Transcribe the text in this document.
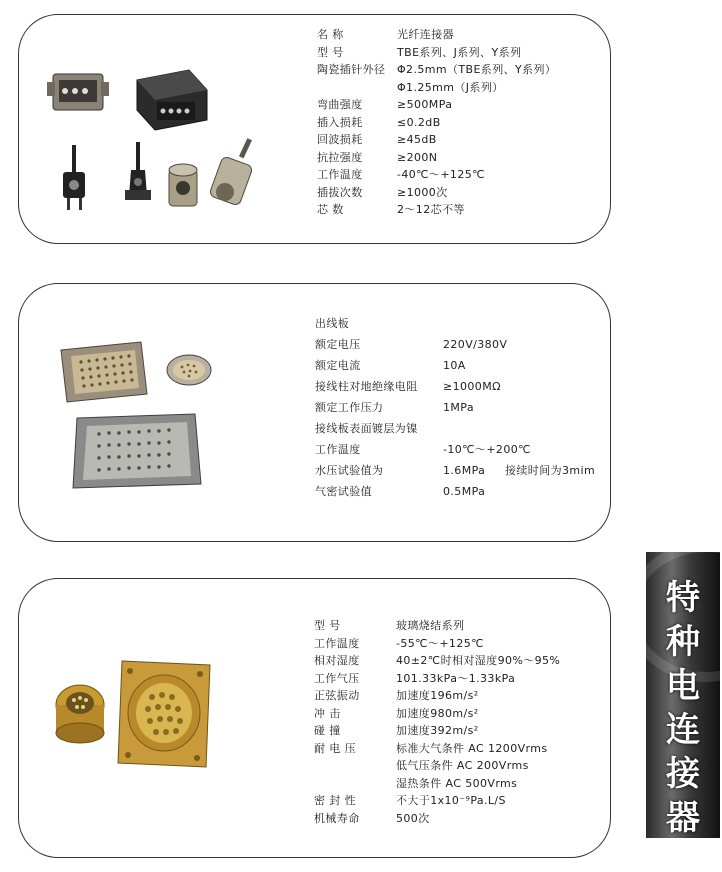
名 称	光纤连接器
型 号	TBE系列、J系列、Y系列
陶瓷插针外径 Φ2.5mm（TBE系列、Y系列）
Φ1.25mm（J系列）
弯曲强度	≥500MPa
插入损耗	≤0.2dB
回波损耗	≥45dB
抗拉强度	≥200N
工作温度	-40℃～+125℃
插拔次数	≥1000次
芯 数	2～12芯不等
出线板
额定电压	220V/380V
额定电流	10A
接线柱对地绝缘电阻 ≥1000MΩ
额定工作压力	1MPa
接线板表面镀层为镍
工作温度	-10℃～+200℃
水压试验值为	1.6MPa 接续时间为3mim
气密试验值	0.5MPa
型 号	玻璃烧结系列
工作温度	-55℃～+125℃
相对湿度	40±2℃时相对湿度90%～95%
工作气压	101.33kPa～1.33kPa
正弦振动	加速度196m/s²
冲 击	加速度980m/s²
碰 撞	加速度392m/s²
耐 电 压	标准大气条件 AC 1200Vrms
低气压条件 AC 200Vrms
湿热条件 AC 500Vrms
密 封 性	不大于1x10⁻⁹Pa.L/S
机械寿命	500次
特
种
电
连
接
器
